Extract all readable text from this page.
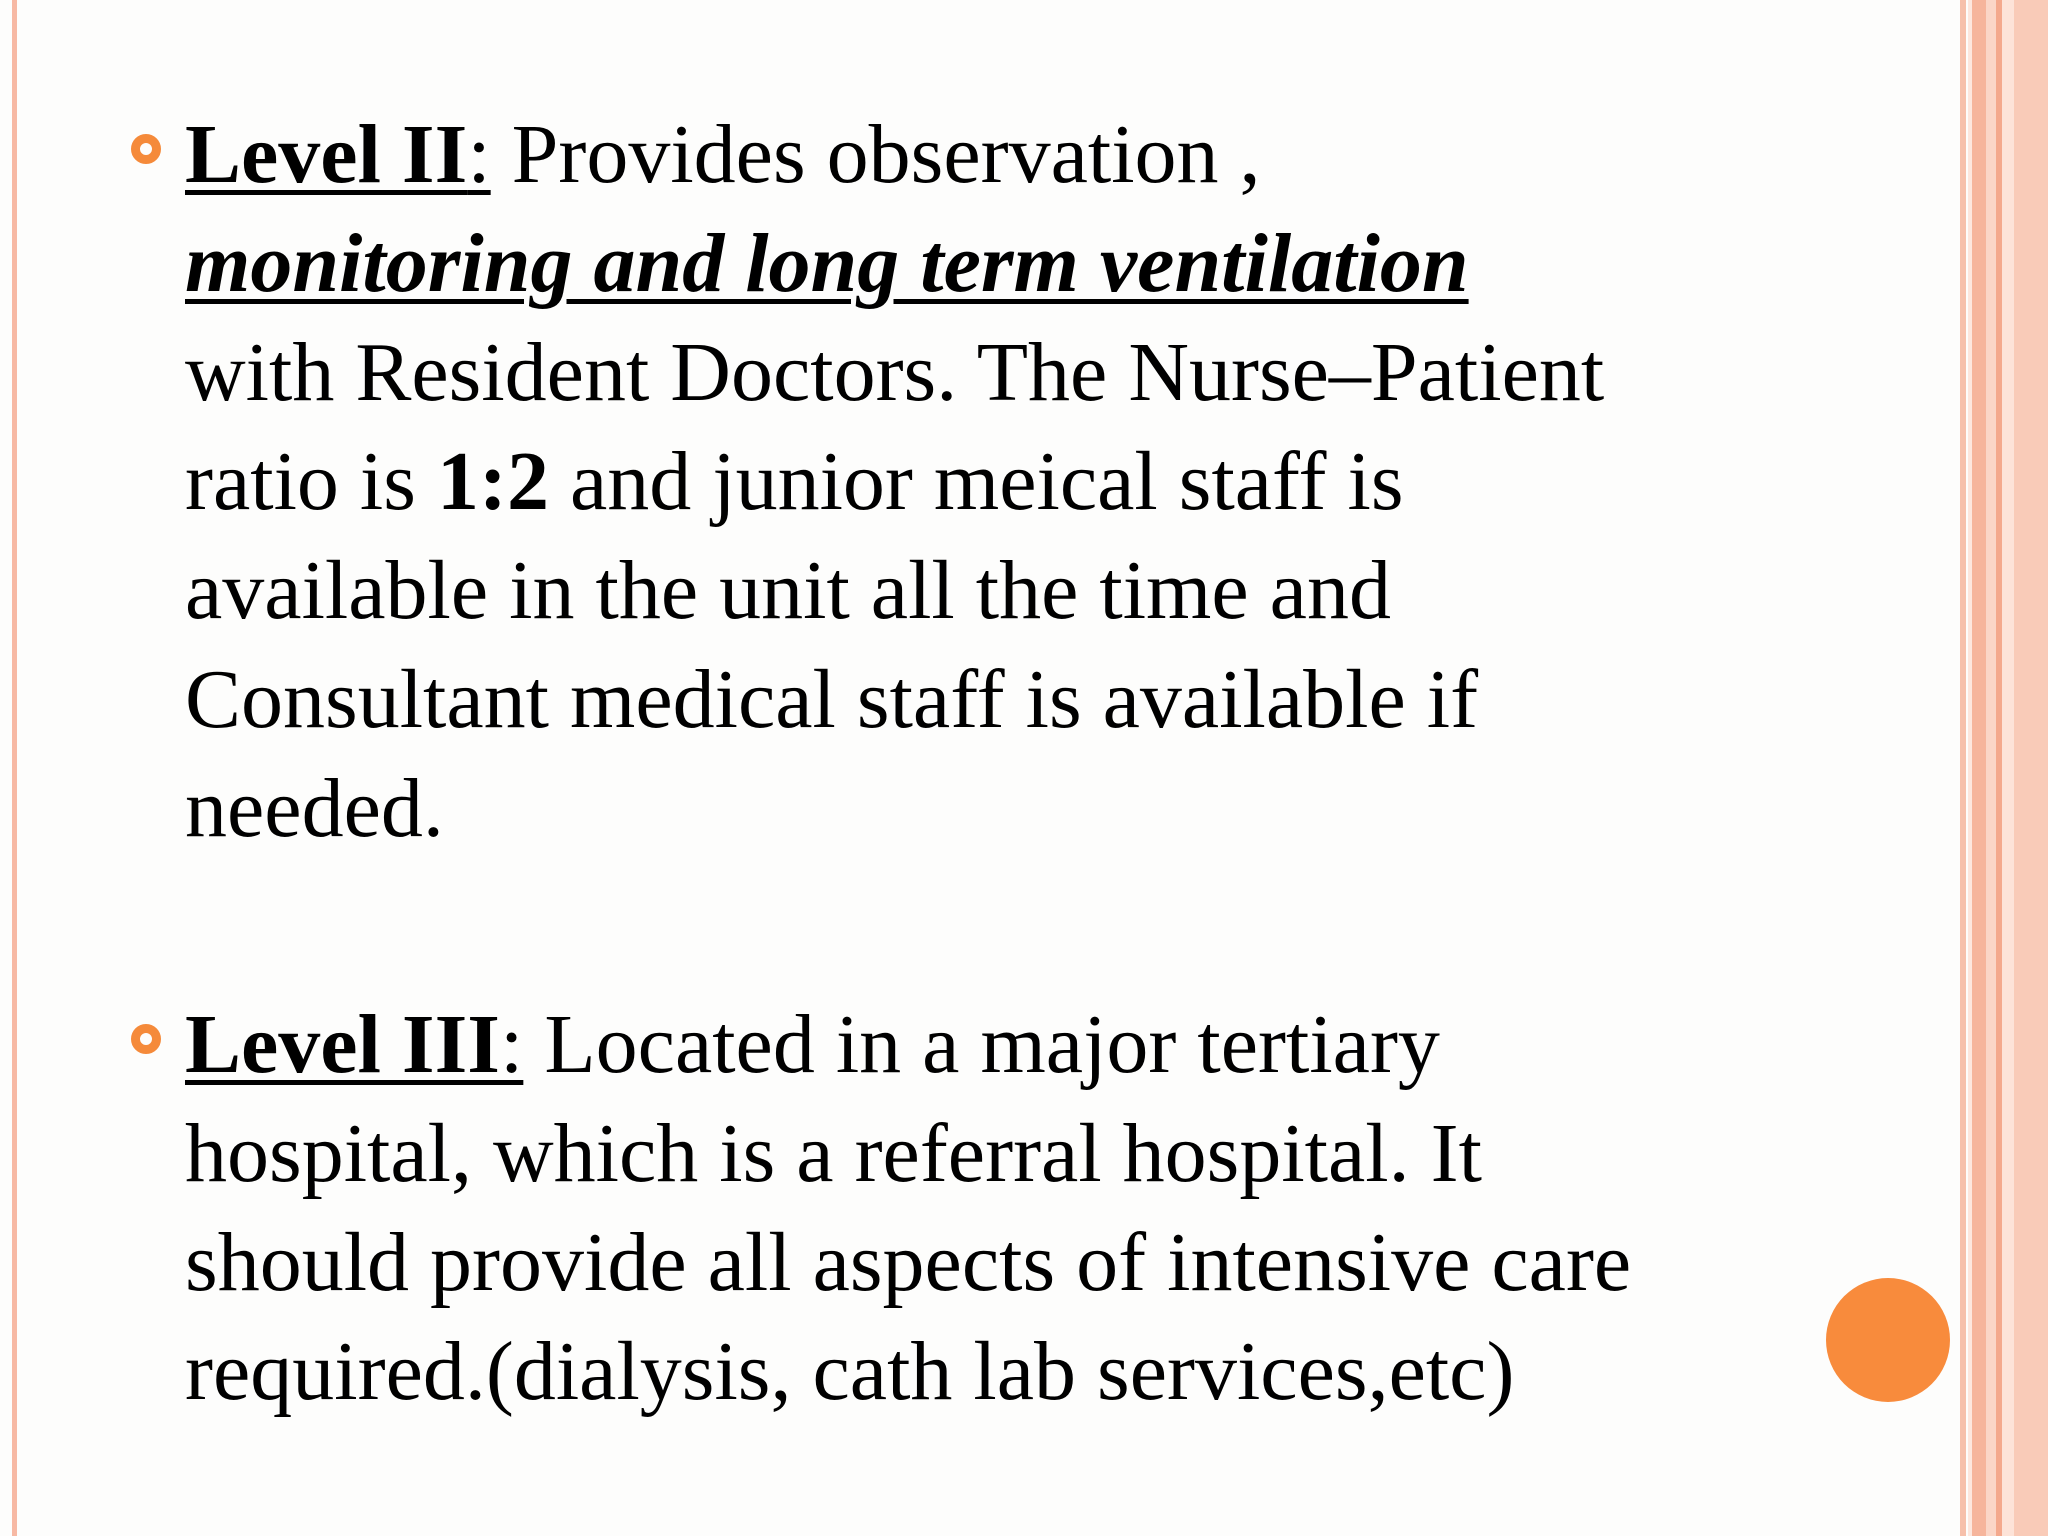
Level II: Provides observation ,
monitoring and long term ventilation
with Resident Doctors. The Nurse–Patient
ratio is 1:2 and junior meical staff is
available in the unit all the time and
Consultant medical staff is available if
needed.
Level III: Located in a major tertiary
hospital, which is a referral hospital. It
should provide all aspects of intensive care
required.(dialysis, cath lab services,etc)
